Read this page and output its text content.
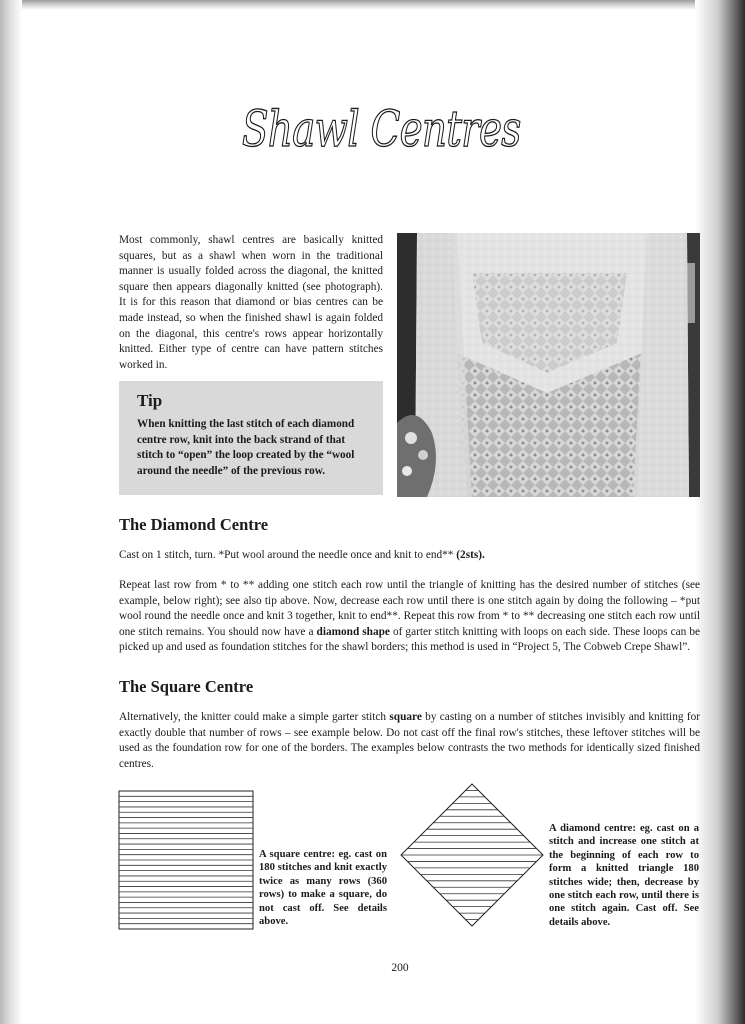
Shawl Centres

Most commonly, shawl centres are basically knitted squares, but as a shawl when worn in the traditional manner is usually folded across the diagonal, the knitted square then appears diagonally knitted (see photograph). It is for this reason that diamond or bias centres can be made instead, so when the finished shawl is again folded on the diagonal, this centre's rows appear horizontally knitted. Either type of centre can have pattern stitches worked in.

Tip

When knitting the last stitch of each diamond centre row, knit into the back strand of that stitch to “open” the loop created by the “wool around the needle” of the previous row.

The Diamond Centre

Cast on 1 stitch, turn. *Put wool around the needle once and knit to end** (2sts).

Repeat last row from * to ** adding one stitch each row until the triangle of knitting has the desired number of stitches (see example, below right); see also tip above. Now, decrease each row until there is one stitch again by doing the following – *put wool round the needle once and knit 3 together, knit to end**. Repeat this row from * to ** decreasing one stitch each row until one stitch remains. You should now have a diamond shape of garter stitch knitting with loops on each side. These loops can be picked up and used as foundation stitches for the shawl borders; this method is used in “Project 5, The Cobweb Crepe Shawl”.

The Square Centre

Alternatively, the knitter could make a simple garter stitch square by casting on a number of stitches invisibly and knitting for exactly double that number of rows – see example below. Do not cast off the final row's stitches, these leftover stitches will be used as the foundation row for one of the borders. The examples below contrasts the two methods for identically sized finished centres.

A square centre: eg. cast on 180 stitches and knit exactly twice as many rows (360 rows) to make a square, do not cast off. See details above.

A diamond centre: eg. cast on a stitch and increase one stitch at the beginning of each row to form a knitted triangle 180 stitches wide; then, decrease by one stitch each row, until there is one stitch again. Cast off. See details above.

200
